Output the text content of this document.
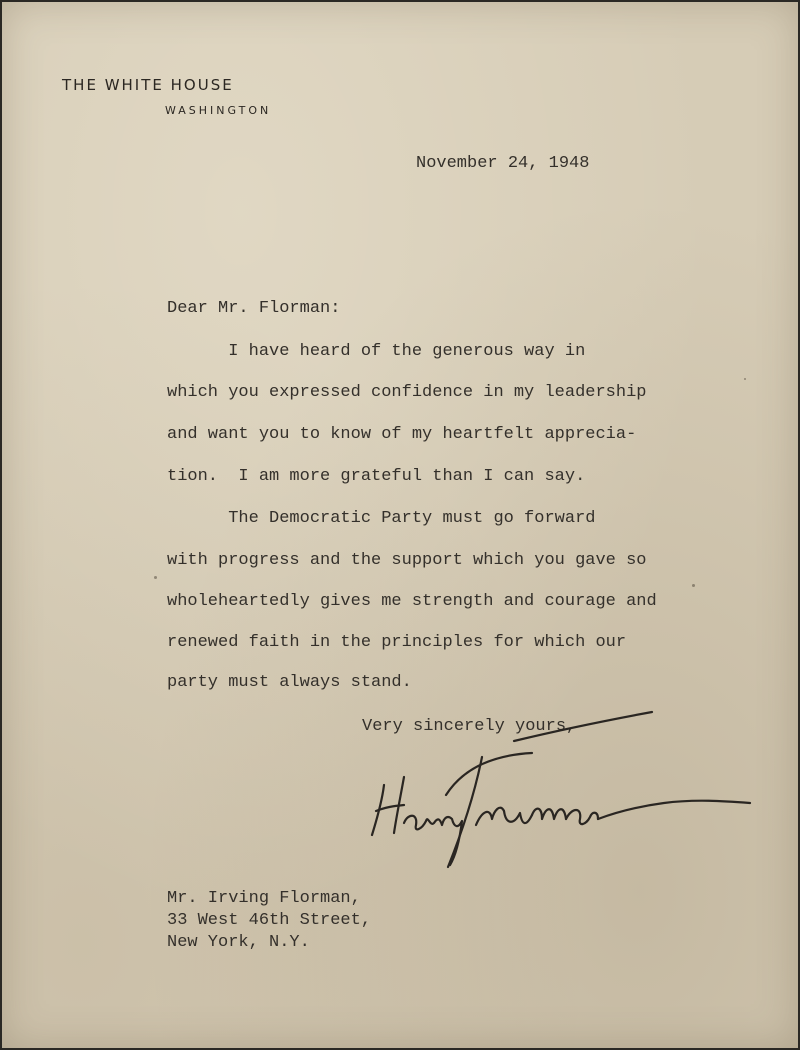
THE WHITE HOUSE
WASHINGTON
November 24, 1948
Dear Mr. Florman:
I have heard of the generous way in
which you expressed confidence in my leadership
and want you to know of my heartfelt apprecia-
tion.  I am more grateful than I can say.
The Democratic Party must go forward
with progress and the support which you gave so
wholeheartedly gives me strength and courage and
renewed faith in the principles for which our
party must always stand.
Very sincerely yours,
Mr. Irving Florman,
33 West 46th Street,
New York, N.Y.
